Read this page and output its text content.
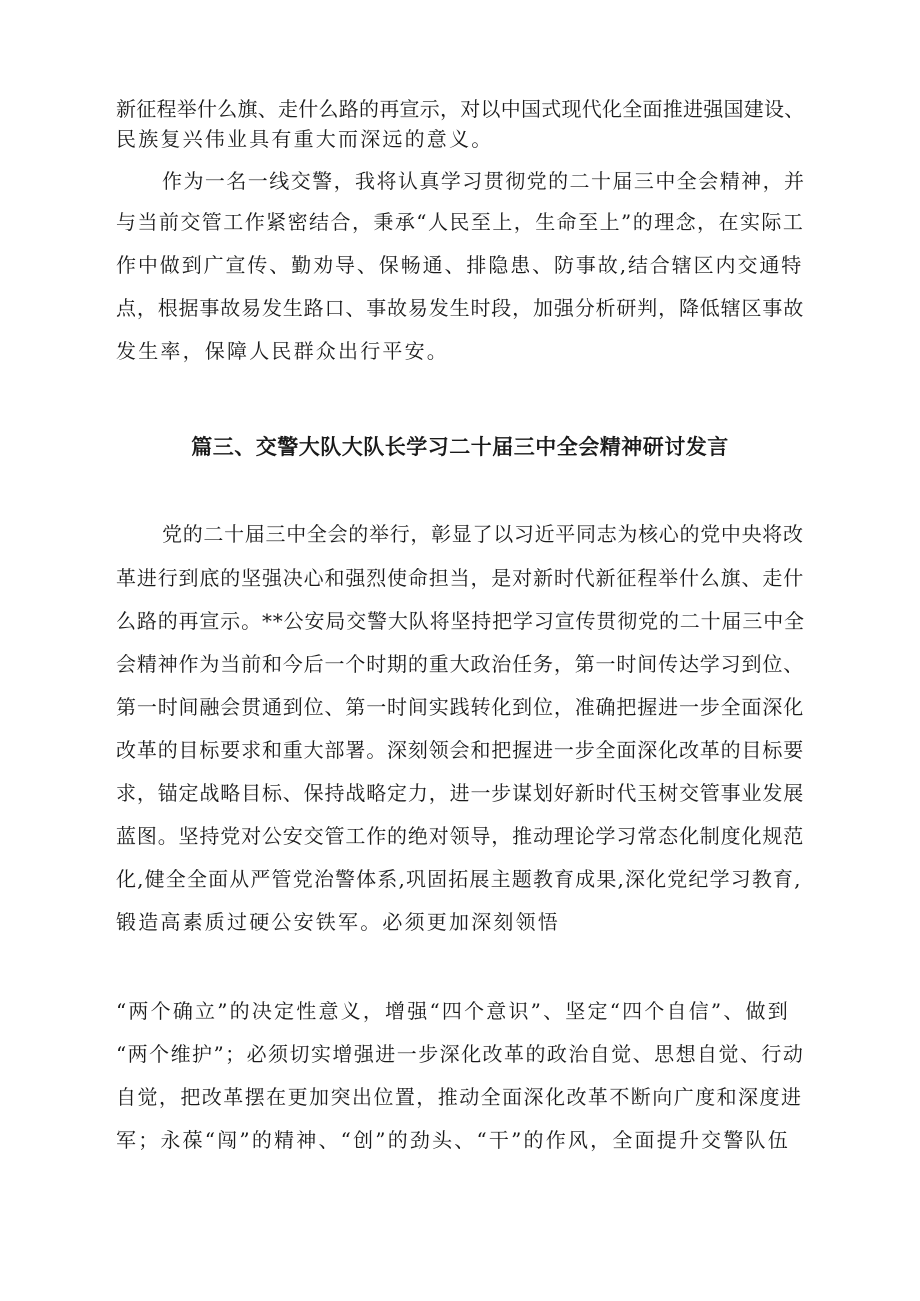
新征程举什么旗、走什么路的再宣示，对以中国式现代化全面推进强国建设、
民族复兴伟业具有重大而深远的意义。
作为一名一线交警，我将认真学习贯彻党的二十届三中全会精神，并
与当前交管工作紧密结合，秉承“人民至上，生命至上”的理念，在实际工
作中做到广宣传、勤劝导、保畅通、排隐患、防事故,结合辖区内交通特
点，根据事故易发生路口、事故易发生时段，加强分析研判，降低辖区事故
发生率，保障人民群众出行平安。
篇三、交警大队大队长学习二十届三中全会精神研讨发言
党的二十届三中全会的举行，彰显了以习近平同志为核心的党中央将改
革进行到底的坚强决心和强烈使命担当，是对新时代新征程举什么旗、走什
么路的再宣示。**公安局交警大队将坚持把学习宣传贯彻党的二十届三中全
会精神作为当前和今后一个时期的重大政治任务，第一时间传达学习到位、
第一时间融会贯通到位、第一时间实践转化到位，准确把握进一步全面深化
改革的目标要求和重大部署。深刻领会和把握进一步全面深化改革的目标要
求，锚定战略目标、保持战略定力，进一步谋划好新时代玉树交管事业发展
蓝图。坚持党对公安交管工作的绝对领导，推动理论学习常态化制度化规范
化,健全全面从严管党治警体系,巩固拓展主题教育成果,深化党纪学习教育,
锻造高素质过硬公安铁军。必须更加深刻领悟
“两个确立”的决定性意义，增强“四个意识”、坚定“四个自信”、做到
“两个维护”；必须切实增强进一步深化改革的政治自觉、思想自觉、行动
自觉，把改革摆在更加突出位置，推动全面深化改革不断向广度和深度进
军；永葆“闯”的精神、“创”的劲头、“干”的作风，全面提升交警队伍
